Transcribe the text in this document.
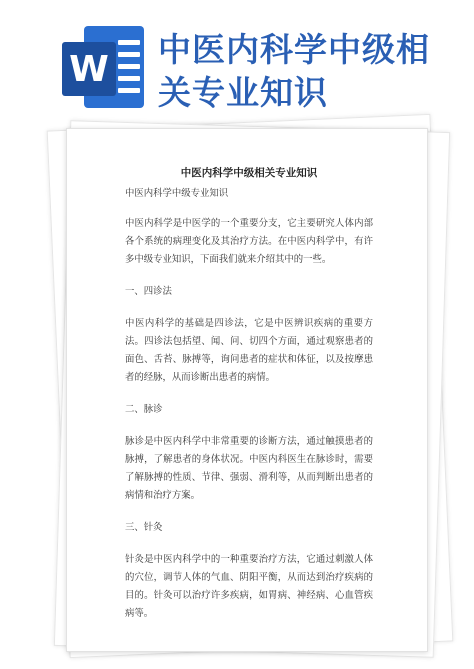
W 中医内科学中级相关专业知识
中医内科学中级相关专业知识
中医内科学中级专业知识
中医内科学是中医学的一个重要分支，它主要研究人体内部各个系统的病理变化及其治疗方法。在中医内科学中，有许多中级专业知识，下面我们就来介绍其中的一些。
一、四诊法
中医内科学的基础是四诊法，它是中医辨识疾病的重要方法。四诊法包括望、闻、问、切四个方面，通过观察患者的面色、舌苔、脉搏等，询问患者的症状和体征，以及按摩患者的经脉，从而诊断出患者的病情。
二、脉诊
脉诊是中医内科学中非常重要的诊断方法，通过触摸患者的脉搏，了解患者的身体状况。中医内科医生在脉诊时，需要了解脉搏的性质、节律、强弱、滑利等，从而判断出患者的病情和治疗方案。
三、针灸
针灸是中医内科学中的一种重要治疗方法，它通过刺激人体的穴位，调节人体的气血、阴阳平衡，从而达到治疗疾病的目的。针灸可以治疗许多疾病，如胃病、神经病、心血管疾病等。
